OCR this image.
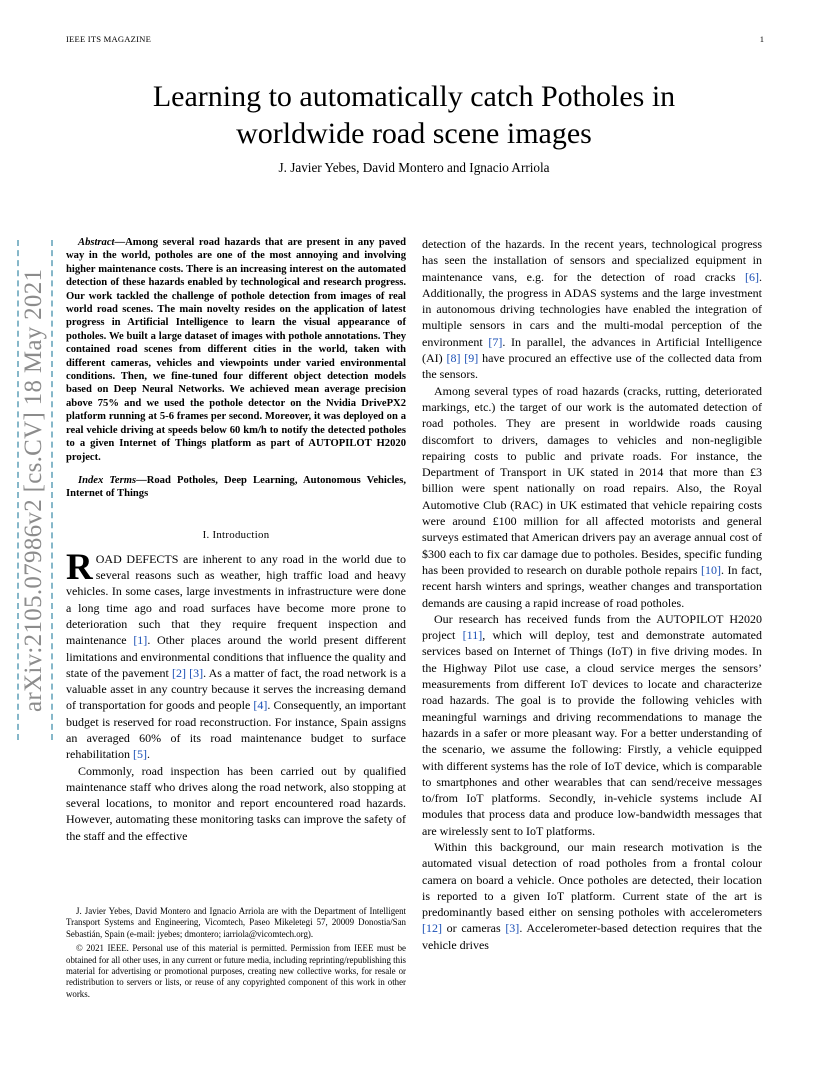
IEEE ITS MAGAZINE	1
arXiv:2105.07986v2 [cs.CV] 18 May 2021
Learning to automatically catch Potholes in
worldwide road scene images
J. Javier Yebes, David Montero and Ignacio Arriola

Abstract—Among several road hazards that are present in any paved way in the world, potholes are one of the most annoying and involving higher maintenance costs. There is an increasing interest on the automated detection of these hazards enabled by technological and research progress. Our work tackled the challenge of pothole detection from images of real world road scenes. The main novelty resides on the application of latest progress in Artificial Intelligence to learn the visual appearance of potholes. We built a large dataset of images with pothole annotations. They contained road scenes from different cities in the world, taken with different cameras, vehicles and viewpoints under varied environmental conditions. Then, we fine-tuned four different object detection models based on Deep Neural Networks. We achieved mean average precision above 75% and we used the pothole detector on the Nvidia DrivePX2 platform running at 5-6 frames per second. Moreover, it was deployed on a real vehicle driving at speeds below 60 km/h to notify the detected potholes to a given Internet of Things platform as part of AUTOPILOT H2020 project.

Index Terms—Road Potholes, Deep Learning, Autonomous Vehicles, Internet of Things

I. Introduction

ROAD DEFECTS are inherent to any road in the world due to several reasons such as weather, high traffic load and heavy vehicles. In some cases, large investments in infrastructure were done a long time ago and road surfaces have become more prone to deterioration such that they require frequent inspection and maintenance [1]. Other places around the world present different limitations and environmental conditions that influence the quality and state of the pavement [2] [3]. As a matter of fact, the road network is a valuable asset in any country because it serves the increasing demand of transportation for goods and people [4]. Consequently, an important budget is reserved for road reconstruction. For instance, Spain assigns an averaged 60% of its road maintenance budget to surface rehabilitation [5].

Commonly, road inspection has been carried out by qualified maintenance staff who drives along the road network, also stopping at several locations, to monitor and report encountered road hazards. However, automating these monitoring tasks can improve the safety of the staff and the effective

J. Javier Yebes, David Montero and Ignacio Arriola are with the Department of Intelligent Transport Systems and Engineering, Vicomtech, Paseo Mikeletegi 57, 20009 Donostia/San Sebastián, Spain (e-mail: jyebes; dmontero; iarriola@vicomtech.org).

© 2021 IEEE. Personal use of this material is permitted. Permission from IEEE must be obtained for all other uses, in any current or future media, including reprinting/republishing this material for advertising or promotional purposes, creating new collective works, for resale or redistribution to servers or lists, or reuse of any copyrighted component of this work in other works.

detection of the hazards. In the recent years, technological progress has seen the installation of sensors and specialized equipment in maintenance vans, e.g. for the detection of road cracks [6]. Additionally, the progress in ADAS systems and the large investment in autonomous driving technologies have enabled the integration of multiple sensors in cars and the multi-modal perception of the environment [7]. In parallel, the advances in Artificial Intelligence (AI) [8] [9] have procured an effective use of the collected data from the sensors.

Among several types of road hazards (cracks, rutting, deteriorated markings, etc.) the target of our work is the automated detection of road potholes. They are present in worldwide roads causing discomfort to drivers, damages to vehicles and non-negligible repairing costs to public and private roads. For instance, the Department of Transport in UK stated in 2014 that more than £3 billion were spent nationally on road repairs. Also, the Royal Automotive Club (RAC) in UK estimated that vehicle repairing costs were around £100 million for all affected motorists and general surveys estimated that American drivers pay an average annual cost of $300 each to fix car damage due to potholes. Besides, specific funding has been provided to research on durable pothole repairs [10]. In fact, recent harsh winters and springs, weather changes and transportation demands are causing a rapid increase of road potholes.

Our research has received funds from the AUTOPILOT H2020 project [11], which will deploy, test and demonstrate automated services based on Internet of Things (IoT) in five driving modes. In the Highway Pilot use case, a cloud service merges the sensors’ measurements from different IoT devices to locate and characterize road hazards. The goal is to provide the following vehicles with meaningful warnings and driving recommendations to manage the hazards in a safer or more pleasant way. For a better understanding of the scenario, we assume the following: Firstly, a vehicle equipped with different systems has the role of IoT device, which is comparable to smartphones and other wearables that can send/receive messages to/from IoT platforms. Secondly, in-vehicle systems include AI modules that process data and produce low-bandwidth messages that are wirelessly sent to IoT platforms.

Within this background, our main research motivation is the automated visual detection of road potholes from a frontal colour camera on board a vehicle. Once potholes are detected, their location is reported to a given IoT platform. Current state of the art is predominantly based either on sensing potholes with accelerometers [12] or cameras [3]. Accelerometer-based detection requires that the vehicle drives
